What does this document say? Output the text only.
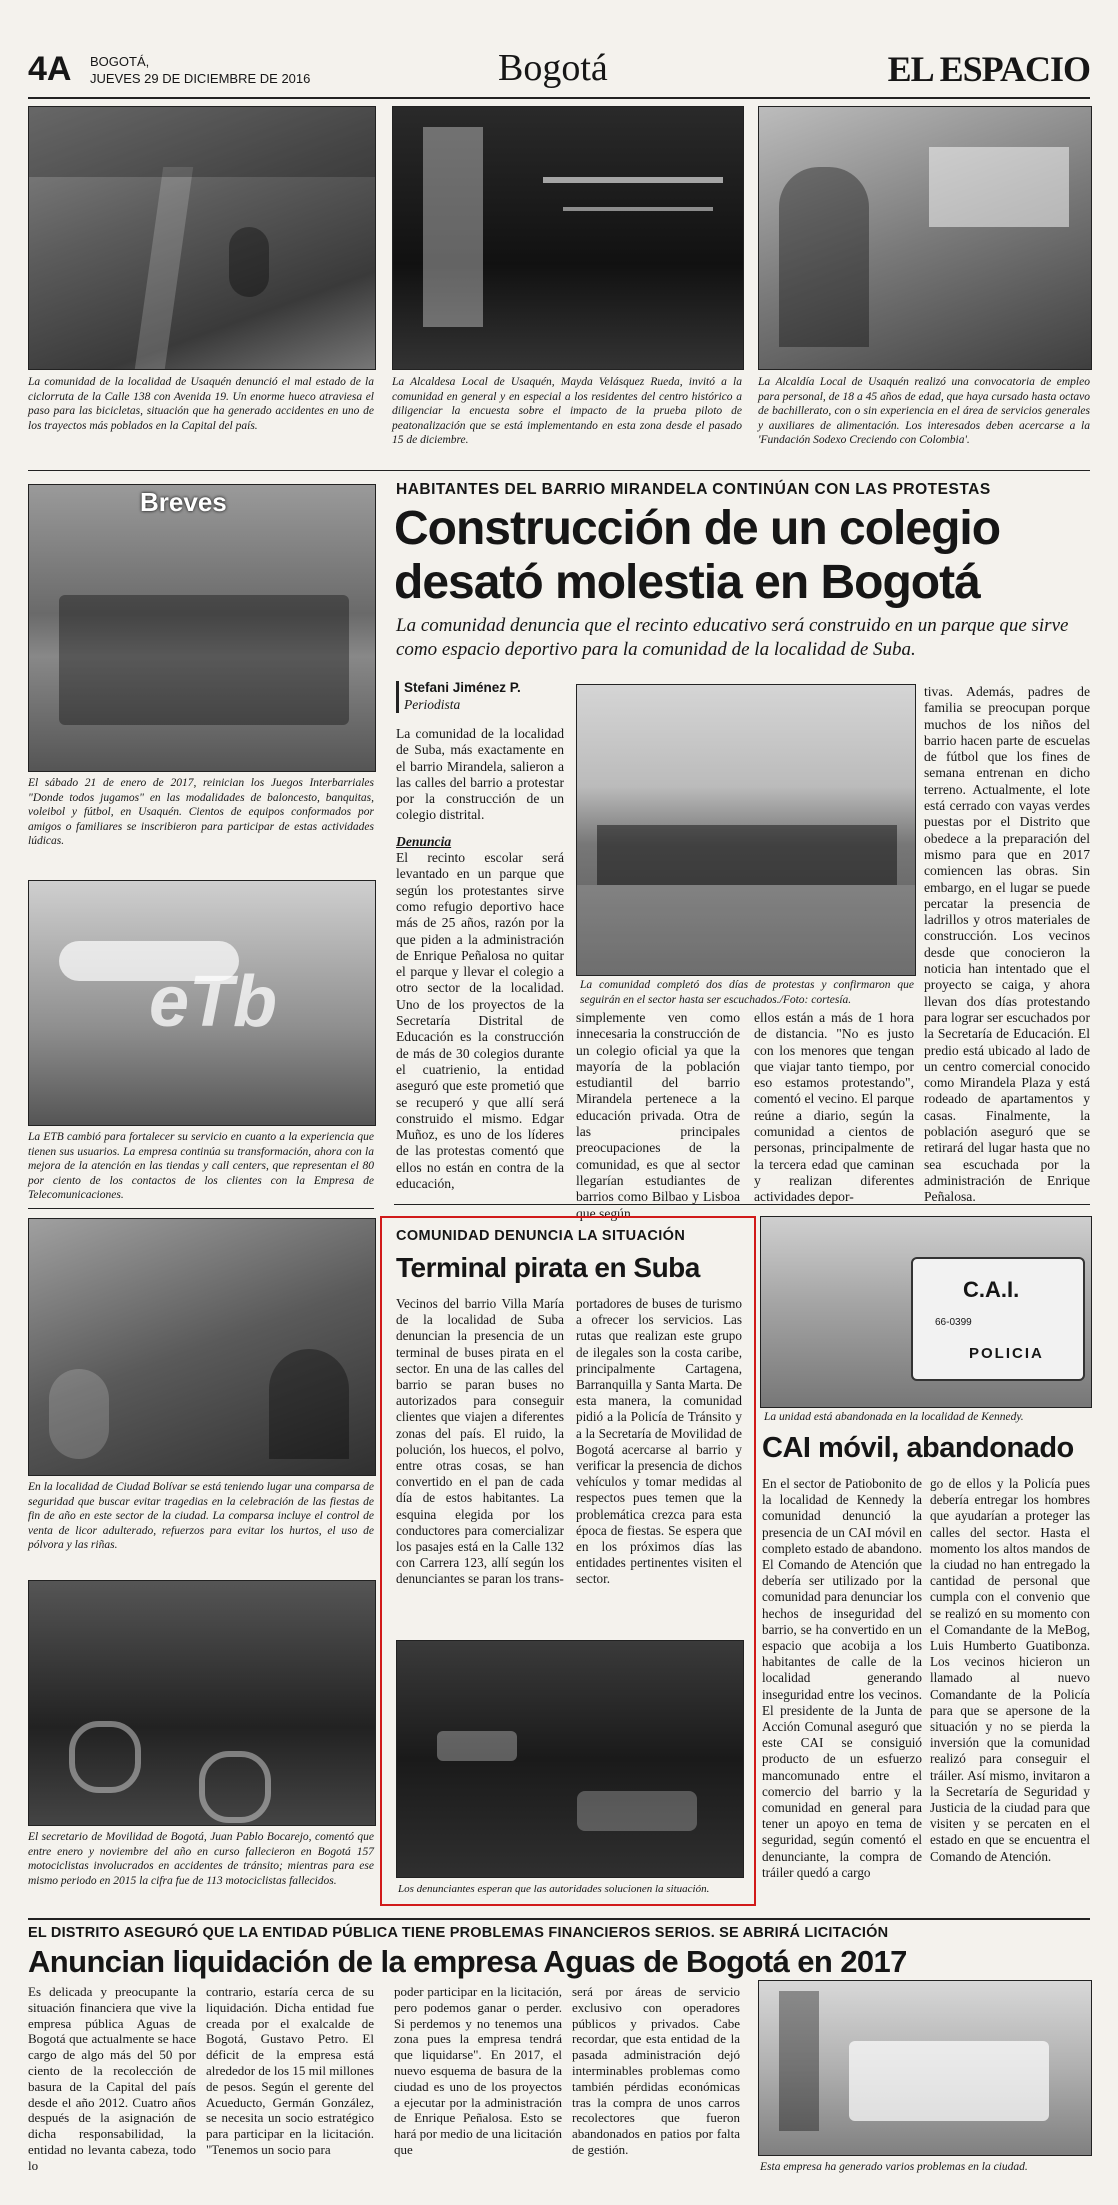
4A BOGOTÁ,
JUEVES 29 DE DICIEMBRE DE 2016	Bogotá	EL ESPACIO
La comunidad de la localidad de Usaquén denunció el mal estado de la ciclorruta de la Calle 138 con Avenida 19. Un enorme hueco atraviesa el paso para las bicicletas, situación que ha generado accidentes en uno de los trayectos más poblados en la Capital del país.
La Alcaldesa Local de Usaquén, Mayda Velásquez Rueda, invitó a la comunidad en general y en especial a los residentes del centro histórico a diligenciar la encuesta sobre el impacto de la prueba piloto de peatonalización que se está implementando en esta zona desde el pasado 15 de diciembre.
La Alcaldía Local de Usaquén realizó una convocatoria de empleo para personal, de 18 a 45 años de edad, que haya cursado hasta octavo de bachillerato, con o sin experiencia en el área de servicios generales y auxiliares de alimentación. Los interesados deben acercarse a la 'Fundación Sodexo Creciendo con Colombia'.
Breves
El sábado 21 de enero de 2017, reinician los Juegos Interbarriales "Donde todos jugamos" en las modalidades de baloncesto, banquitas, voleibol y fútbol, en Usaquén. Cientos de equipos conformados por amigos o familiares se inscribieron para participar de estas actividades lúdicas.
eTb
La ETB cambió para fortalecer su servicio en cuanto a la experiencia que tienen sus usuarios. La empresa continúa su transformación, ahora con la mejora de la atención en las tiendas y call centers, que representan el 80 por ciento de los contactos de los clientes con la Empresa de Telecomunicaciones.
En la localidad de Ciudad Bolívar se está teniendo lugar una comparsa de seguridad que buscar evitar tragedias en la celebración de las fiestas de fin de año en este sector de la ciudad. La comparsa incluye el control de venta de licor adulterado, refuerzos para evitar los hurtos, el uso de pólvora y las riñas.
El secretario de Movilidad de Bogotá, Juan Pablo Bocarejo, comentó que entre enero y noviembre del año en curso fallecieron en Bogotá 157 motociclistas involucrados en accidentes de tránsito; mientras para ese mismo periodo en 2015 la cifra fue de 113 motociclistas fallecidos.
HABITANTES DEL BARRIO MIRANDELA CONTINÚAN CON LAS PROTESTAS
Construcción de un colegio
desató molestia en Bogotá
La comunidad denuncia que el recinto educativo será construido en un parque que sirve como espacio deportivo para la comunidad de la localidad de Suba.
Stefani Jiménez P.
Periodista

La comunidad de la localidad de Suba, más exactamente en el barrio Mirandela, salieron a las calles del barrio a protestar por la construcción de un colegio distrital.

Denuncia

El recinto escolar será levantado en un parque que según los protestantes sirve como refugio deportivo hace más de 25 años, razón por la que piden a la administración de Enrique Peñalosa no quitar el parque y llevar el colegio a otro sector de la localidad. Uno de los proyectos de la Secretaría Distrital de Educación es la construcción de más de 30 colegios durante el cuatrienio, la entidad aseguró que este prometió que se recuperó y que allí será construido el mismo. Edgar Muñoz, es uno de los líderes de las protestas comentó que ellos no están en contra de la educación,

La comunidad completó dos días de protestas y confirmaron que seguirán en el sector hasta ser escuchados./Foto: cortesía.
simplemente ven como innecesaria la construcción de un colegio oficial ya que la mayoría de la población estudiantil del barrio Mirandela pertenece a la educación privada. Otra de las principales preocupaciones de la comunidad, es que al sector llegarían estudiantes de barrios como Bilbao y Lisboa que según
ellos están a más de 1 hora de distancia. "No es justo con los menores que tengan que viajar tanto tiempo, por eso estamos protestando", comentó el vecino. El parque reúne a diario, según la comunidad a cientos de personas, principalmente de la tercera edad que caminan y realizan diferentes actividades depor-
tivas. Además, padres de familia se preocupan porque muchos de los niños del barrio hacen parte de escuelas de fútbol que los fines de semana entrenan en dicho terreno. Actualmente, el lote está cerrado con vayas verdes puestas por el Distrito que obedece a la preparación del mismo para que en 2017 comiencen las obras. Sin embargo, en el lugar se puede percatar la presencia de ladrillos y otros materiales de construcción. Los vecinos desde que conocieron la noticia han intentado que el proyecto se caiga, y ahora llevan dos días protestando para lograr ser escuchados por la Secretaría de Educación. El predio está ubicado al lado de un centro comercial conocido como Mirandela Plaza y está rodeado de apartamentos y casas. Finalmente, la población aseguró que se retirará del lugar hasta que no sea escuchada por la administración de Enrique Peñalosa.
COMUNIDAD DENUNCIA LA SITUACIÓN
Terminal pirata en Suba
Vecinos del barrio Villa María de la localidad de Suba denuncian la presencia de un terminal de buses pirata en el sector. En una de las calles del barrio se paran buses no autorizados para conseguir clientes que viajen a diferentes zonas del país. El ruido, la polución, los huecos, el polvo, entre otras cosas, se han convertido en el pan de cada día de estos habitantes. La esquina elegida por los conductores para comercializar los pasajes está en la Calle 132 con Carrera 123, allí según los denunciantes se paran los trans-
portadores de buses de turismo a ofrecer los servicios. Las rutas que realizan este grupo de ilegales son la costa caribe, principalmente Cartagena, Barranquilla y Santa Marta. De esta manera, la comunidad pidió a la Policía de Tránsito y a la Secretaría de Movilidad de Bogotá acercarse al barrio y verificar la presencia de dichos vehículos y tomar medidas al respectos pues temen que la problemática crezca para esta época de fiestas. Se espera que en los próximos días las entidades pertinentes visiten el sector.
Los denunciantes esperan que las autoridades solucionen la situación.
C.A.I.
66-0399
POLICIA
La unidad está abandonada en la localidad de Kennedy.
CAI móvil, abandonado
En el sector de Patiobonito de la localidad de Kennedy la comunidad denunció la presencia de un CAI móvil en completo estado de abandono. El Comando de Atención que debería ser utilizado por la comunidad para denunciar los hechos de inseguridad del barrio, se ha convertido en un espacio que acobija a los habitantes de calle de la localidad generando inseguridad entre los vecinos. El presidente de la Junta de Acción Comunal aseguró que este CAI se consiguió producto de un esfuerzo mancomunado entre el comercio del barrio y la comunidad en general para tener un apoyo en tema de seguridad, según comentó el denunciante, la compra de tráiler quedó a cargo
go de ellos y la Policía pues debería entregar los hombres que ayudarían a proteger las calles del sector. Hasta el momento los altos mandos de la ciudad no han entregado la cantidad de personal que cumpla con el convenio que se realizó en su momento con el Comandante de la MeBog, Luis Humberto Guatibonza. Los vecinos hicieron un llamado al nuevo Comandante de la Policía para que se apersone de la situación y no se pierda la inversión que la comunidad realizó para conseguir el tráiler. Así mismo, invitaron a la Secretaría de Seguridad y Justicia de la ciudad para que visiten y se percaten en el estado en que se encuentra el Comando de Atención.
EL DISTRITO ASEGURÓ QUE LA ENTIDAD PÚBLICA TIENE PROBLEMAS FINANCIEROS SERIOS. SE ABRIRÁ LICITACIÓN
Anuncian liquidación de la empresa Aguas de Bogotá en 2017
Es delicada y preocupante la situación financiera que vive la empresa pública Aguas de Bogotá que actualmente se hace cargo de algo más del 50 por ciento de la recolección de basura de la Capital del país desde el año 2012. Cuatro años después de la asignación de dicha responsabilidad, la entidad no levanta cabeza, todo lo
contrario, estaría cerca de su liquidación. Dicha entidad fue creada por el exalcalde de Bogotá, Gustavo Petro. El déficit de la empresa está alrededor de los 15 mil millones de pesos. Según el gerente del Acueducto, Germán González, se necesita un socio estratégico para participar en la licitación. "Tenemos un socio para
poder participar en la licitación, pero podemos ganar o perder. Si perdemos y no tenemos una zona pues la empresa tendrá que liquidarse". En 2017, el nuevo esquema de basura de la ciudad es uno de los proyectos a ejecutar por la administración de Enrique Peñalosa. Esto se hará por medio de una licitación que
será por áreas de servicio exclusivo con operadores públicos y privados. Cabe recordar, que esta entidad de la pasada administración dejó interminables problemas como también pérdidas económicas tras la compra de unos carros recolectores que fueron abandonados en patios por falta de gestión.
Esta empresa ha generado varios problemas en la ciudad.
